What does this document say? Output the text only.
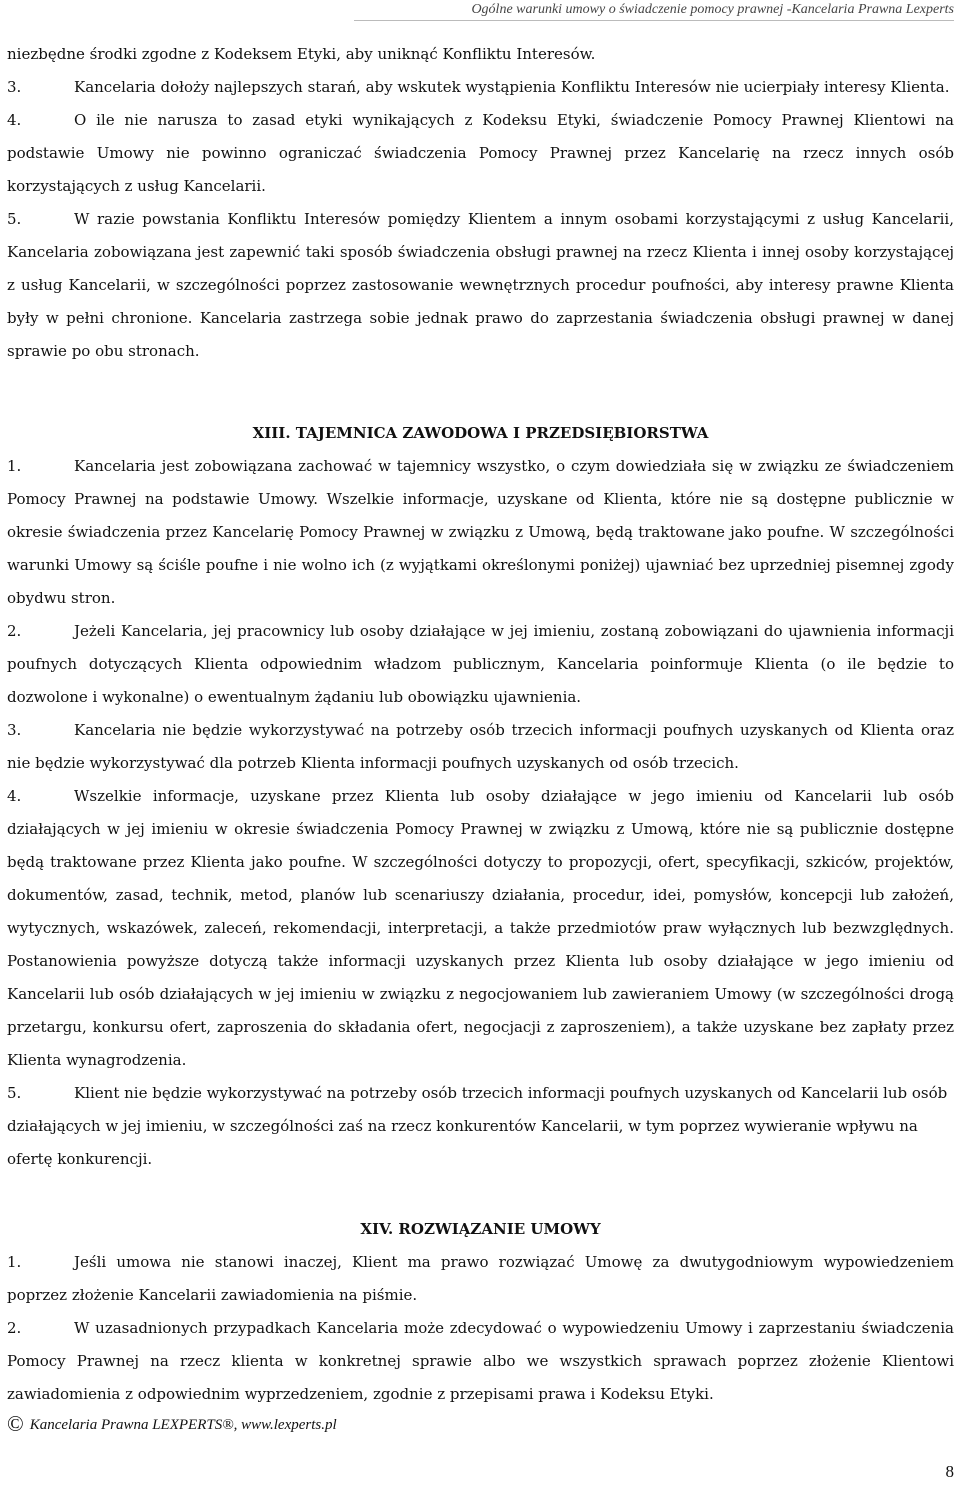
Ogólne warunki umowy o świadczenie pomocy prawnej -Kancelaria Prawna Lexperts

niezbędne środki zgodne z Kodeksem Etyki, aby uniknąć Konfliktu Interesów.

3.	Kancelaria dołoży najlepszych starań, aby wskutek wystąpienia Konfliktu Interesów nie ucierpiały interesy Klienta.

4.	O ile nie narusza to zasad etyki wynikających z Kodeksu Etyki, świadczenie Pomocy Prawnej Klientowi na podstawie Umowy nie powinno ograniczać świadczenia Pomocy Prawnej przez Kancelarię na rzecz innych osób korzystających z usług Kancelarii.

5.	W razie powstania Konfliktu Interesów pomiędzy Klientem a innym osobami korzystającymi z usług Kancelarii, Kancelaria zobowiązana jest zapewnić taki sposób świadczenia obsługi prawnej na rzecz Klienta i innej osoby korzystającej z usług Kancelarii, w szczególności poprzez zastosowanie wewnętrznych procedur poufności, aby interesy prawne Klienta były w pełni chronione. Kancelaria zastrzega sobie jednak prawo do zaprzestania świadczenia obsługi prawnej w danej sprawie po obu stronach.

XIII. TAJEMNICA ZAWODOWA I PRZEDSIĘBIORSTWA

1.	Kancelaria jest zobowiązana zachować w tajemnicy wszystko, o czym dowiedziała się w związku ze świadczeniem Pomocy Prawnej na podstawie Umowy. Wszelkie informacje, uzyskane od Klienta, które nie są dostępne publicznie w okresie świadczenia przez Kancelarię Pomocy Prawnej w związku z Umową, będą traktowane jako poufne. W szczególności warunki Umowy są ściśle poufne i nie wolno ich (z wyjątkami określonymi poniżej) ujawniać bez uprzedniej pisemnej zgody obydwu stron.

2.	Jeżeli Kancelaria, jej pracownicy lub osoby działające w jej imieniu, zostaną zobowiązani do ujawnienia informacji poufnych dotyczących Klienta odpowiednim władzom publicznym, Kancelaria poinformuje Klienta (o ile będzie to dozwolone i wykonalne) o ewentualnym żądaniu lub obowiązku ujawnienia.

3.	Kancelaria nie będzie wykorzystywać na potrzeby osób trzecich informacji poufnych uzyskanych od Klienta oraz nie będzie wykorzystywać dla potrzeb Klienta informacji poufnych uzyskanych od osób trzecich.

4.	Wszelkie informacje, uzyskane przez Klienta lub osoby działające w jego imieniu od Kancelarii lub osób działających w jej imieniu w okresie świadczenia Pomocy Prawnej w związku z Umową, które nie są publicznie dostępne będą traktowane przez Klienta jako poufne. W szczególności dotyczy to propozycji, ofert, specyfikacji, szkiców, projektów, dokumentów, zasad, technik, metod, planów lub scenariuszy działania, procedur, idei, pomysłów, koncepcji lub założeń, wytycznych, wskazówek, zaleceń, rekomendacji, interpretacji, a także przedmiotów praw wyłącznych lub bezwzględnych. Postanowienia powyższe dotyczą także informacji uzyskanych przez Klienta lub osoby działające w jego imieniu od Kancelarii lub osób działających w jej imieniu w związku z negocjowaniem lub zawieraniem Umowy (w szczególności drogą przetargu, konkursu ofert, zaproszenia do składania ofert, negocjacji z zaproszeniem), a także uzyskane bez zapłaty przez Klienta wynagrodzenia.

5.	Klient nie będzie wykorzystywać na potrzeby osób trzecich informacji poufnych uzyskanych od Kancelarii lub osób działających w jej imieniu, w szczególności zaś na rzecz konkurentów Kancelarii, w tym poprzez wywieranie wpływu na ofertę konkurencji.

XIV. ROZWIĄZANIE UMOWY

1.	Jeśli umowa nie stanowi inaczej, Klient ma prawo rozwiązać Umowę za dwutygodniowym wypowiedzeniem poprzez złożenie Kancelarii zawiadomienia na piśmie.

2.	W uzasadnionych przypadkach Kancelaria może zdecydować o wypowiedzeniu Umowy i zaprzestaniu świadczenia Pomocy Prawnej na rzecz klienta w konkretnej sprawie albo we wszystkich sprawach poprzez złożenie Klientowi zawiadomienia z odpowiednim wyprzedzeniem, zgodnie z przepisami prawa i Kodeksu Etyki.

© Kancelaria Prawna LEXPERTS®, www.lexperts.pl
8
